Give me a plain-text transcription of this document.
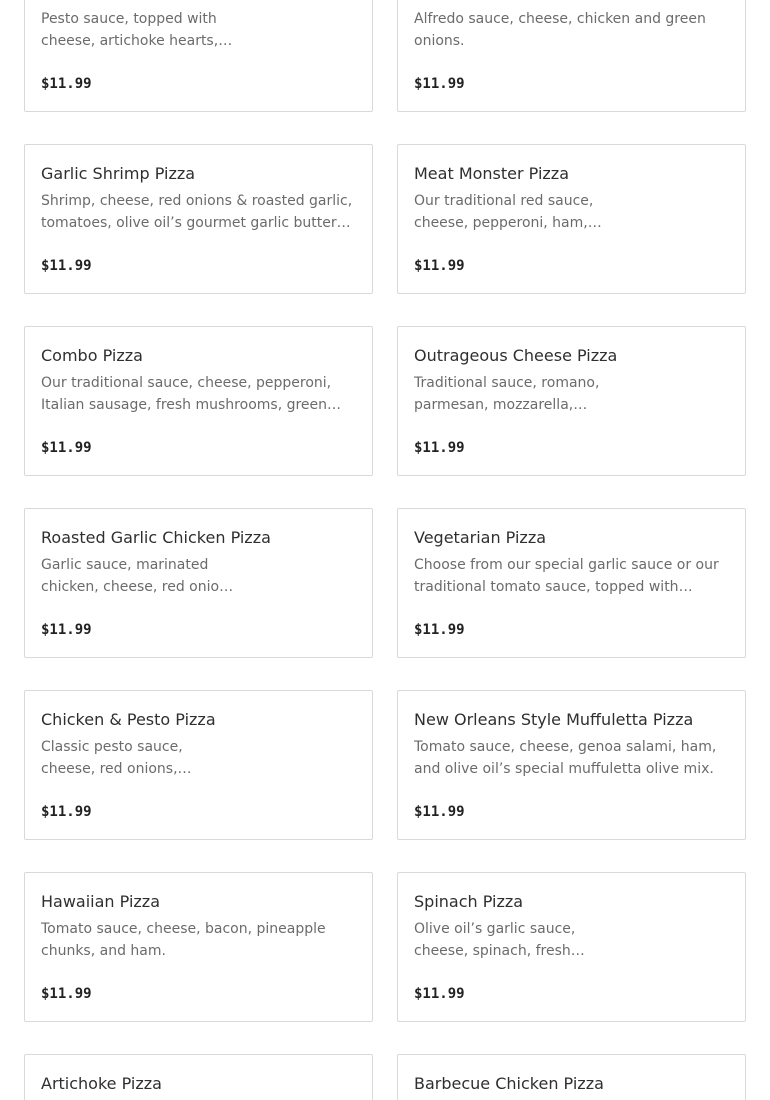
Pesto sauce, topped with cheese, artichoke hearts,
$11.99
Alfredo sauce, cheese, chicken and green onions.
$11.99
Garlic Shrimp Pizza
Shrimp, cheese, red onions & roasted garlic, tomatoes, olive oil’s gourmet garlic butter
$11.99
Meat Monster Pizza
Our traditional red sauce, cheese, pepperoni, ham,
$11.99
Combo Pizza
Our traditional sauce, cheese, pepperoni, Italian sausage, fresh mushrooms, green
$11.99
Outrageous Cheese Pizza
Traditional sauce, romano, parmesan, mozzarella,
$11.99
Roasted Garlic Chicken Pizza
Garlic sauce, marinated chicken, cheese, red onions
$11.99
Vegetarian Pizza
Choose from our special garlic sauce or our traditional tomato sauce, topped with
$11.99
Chicken & Pesto Pizza
Classic pesto sauce, cheese, red onions,
$11.99
New Orleans Style Muffuletta Pizza
Tomato sauce, cheese, genoa salami, ham, and olive oil’s special muffuletta olive mix.
$11.99
Hawaiian Pizza
Tomato sauce, cheese, bacon, pineapple chunks, and ham.
$11.99
Spinach Pizza
Olive oil’s garlic sauce, cheese, spinach, fresh
$11.99
Artichoke Pizza	Barbecue Chicken Pizza
